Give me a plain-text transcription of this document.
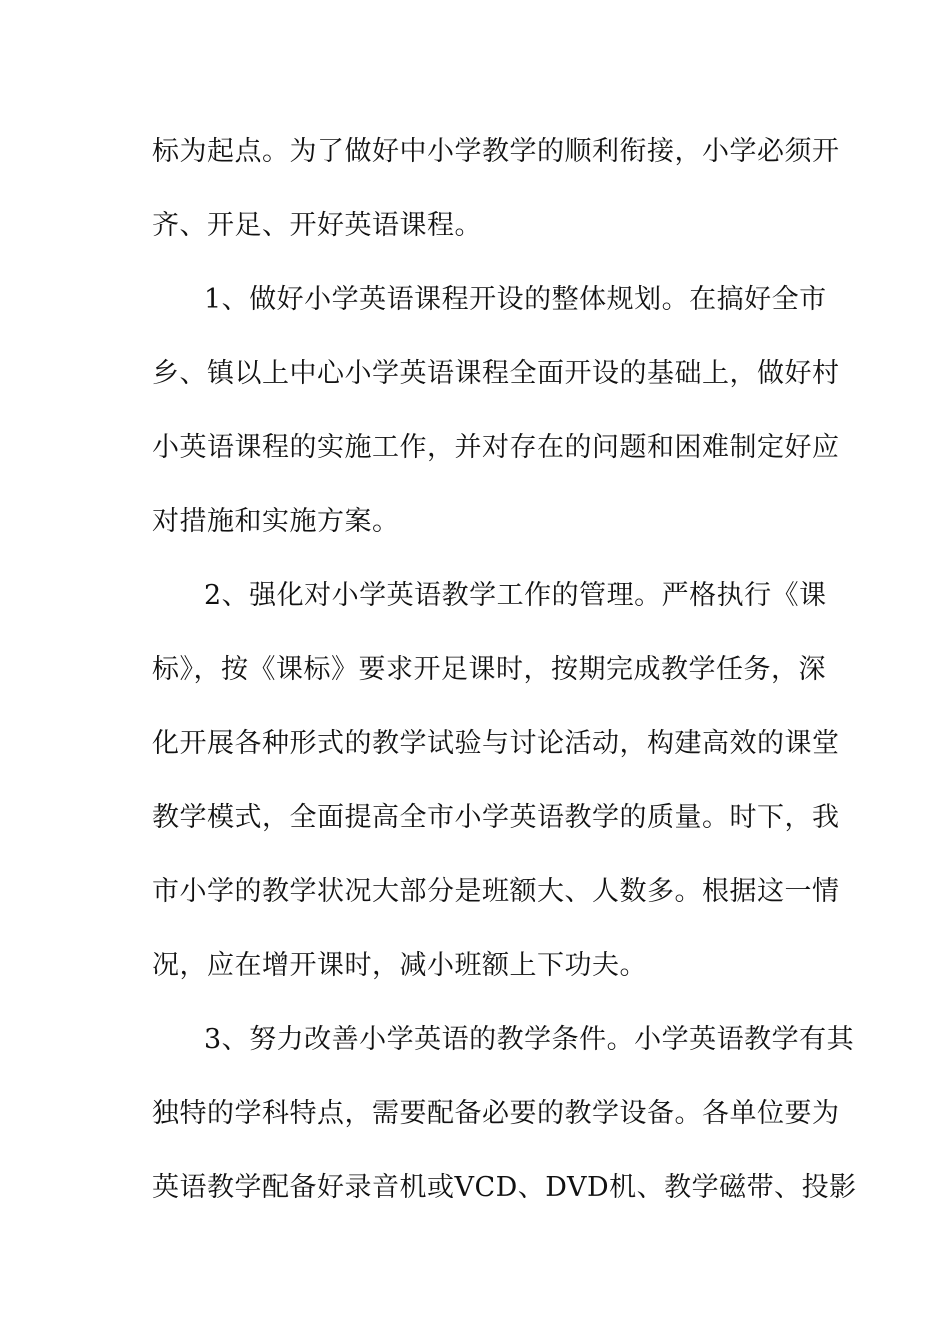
标为起点。为了做好中小学教学的顺利衔接，小学必须开
齐、开足、开好英语课程。
1、做好小学英语课程开设的整体规划。在搞好全市
乡、镇以上中心小学英语课程全面开设的基础上，做好村
小英语课程的实施工作，并对存在的问题和困难制定好应
对措施和实施方案。
2、强化对小学英语教学工作的管理。严格执行《课
标》，按《课标》要求开足课时，按期完成教学任务，深
化开展各种形式的教学试验与讨论活动，构建高效的课堂
教学模式，全面提高全市小学英语教学的质量。时下，我
市小学的教学状况大部分是班额大、人数多。根据这一情
况，应在增开课时，减小班额上下功夫。
3、努力改善小学英语的教学条件。小学英语教学有其
独特的学科特点，需要配备必要的教学设备。各单位要为
英语教学配备好录音机或VCD、DVD机、教学磁带、投影
